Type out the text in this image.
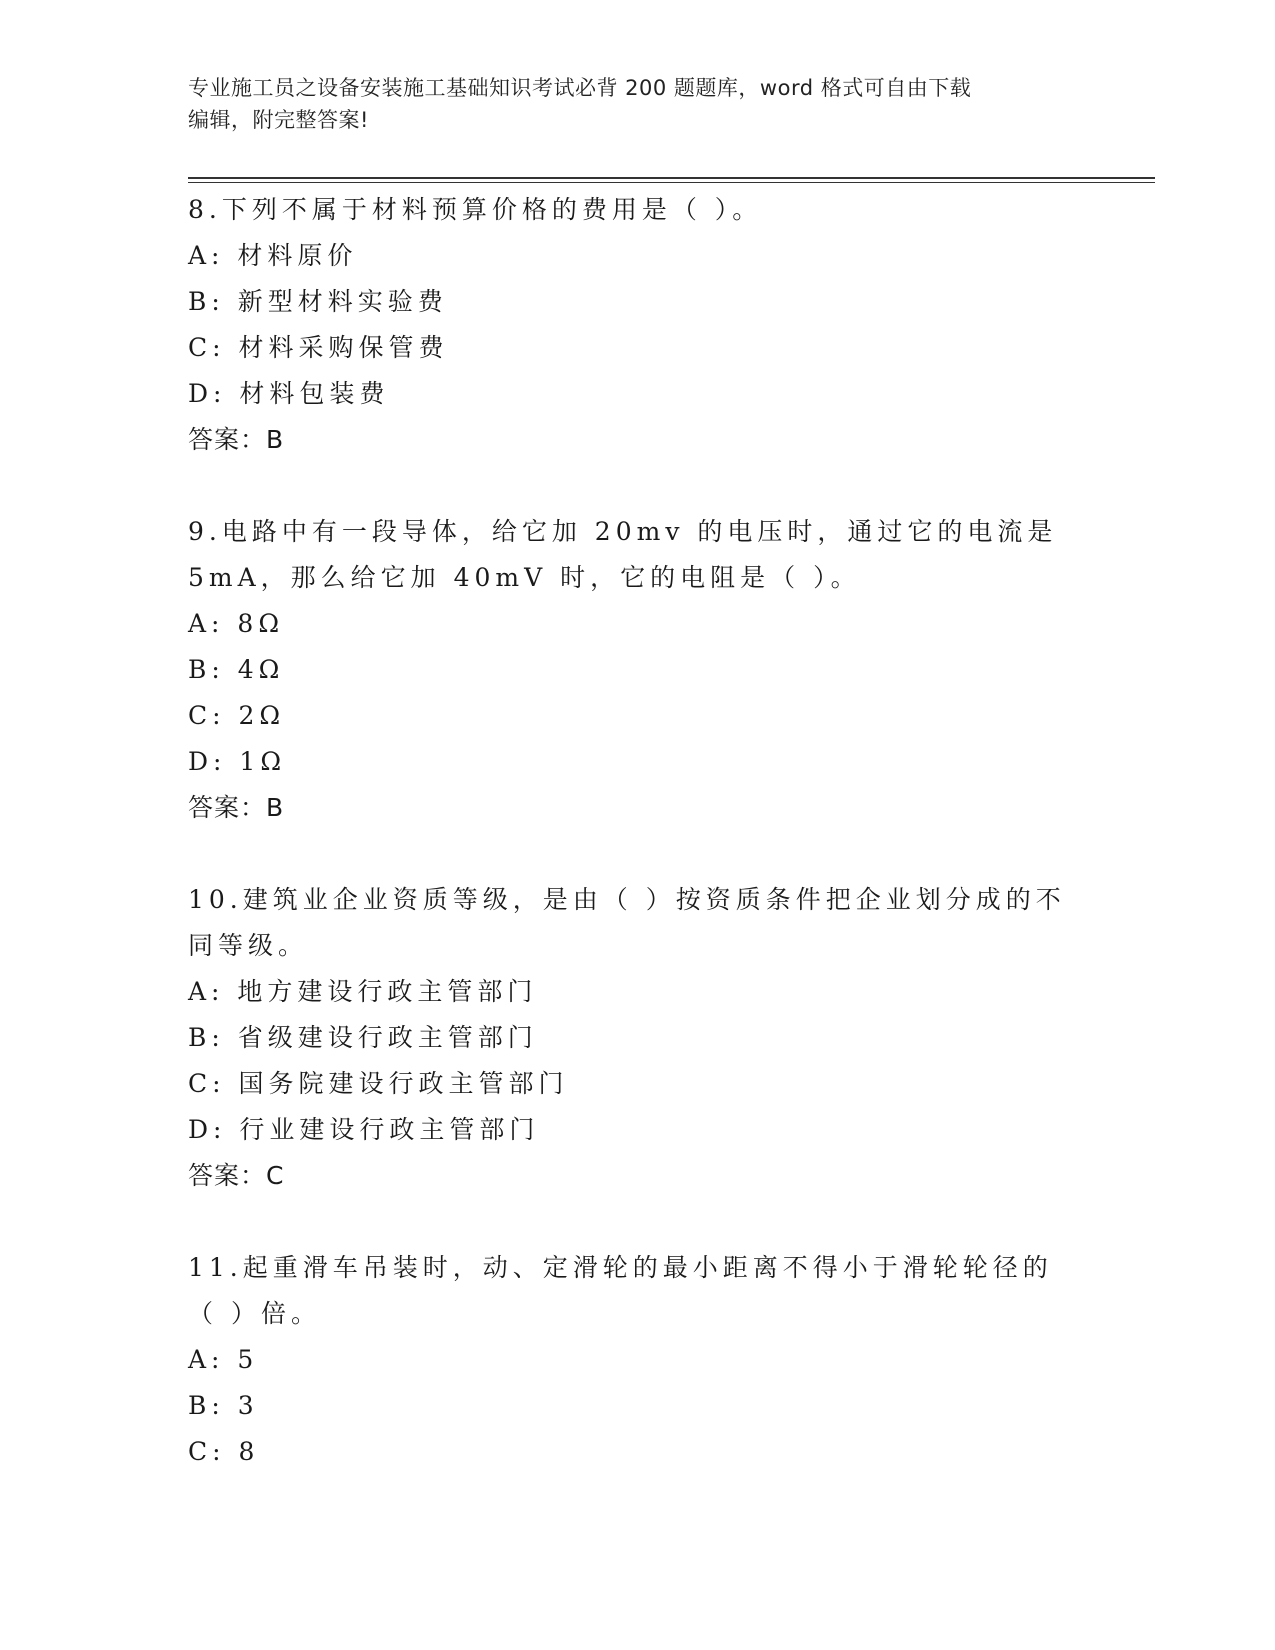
专业施工员之设备安装施工基础知识考试必背 200 题题库，word 格式可自由下载
编辑，附完整答案!
8.下列不属于材料预算价格的费用是（ ）。
A: 材料原价
B: 新型材料实验费
C: 材料采购保管费
D: 材料包装费
答案：B
9.电路中有一段导体，给它加 20mv 的电压时，通过它的电流是 5mA，那么给它加 40mV 时，它的电阻是（ ）。
A: 8Ω
B: 4Ω
C: 2Ω
D: 1Ω
答案：B
10.建筑业企业资质等级，是由（ ）按资质条件把企业划分成的不同等级。
A: 地方建设行政主管部门
B: 省级建设行政主管部门
C: 国务院建设行政主管部门
D: 行业建设行政主管部门
答案：C
11.起重滑车吊装时，动、定滑轮的最小距离不得小于滑轮轮径的（ ）倍。
A: 5
B: 3
C: 8
